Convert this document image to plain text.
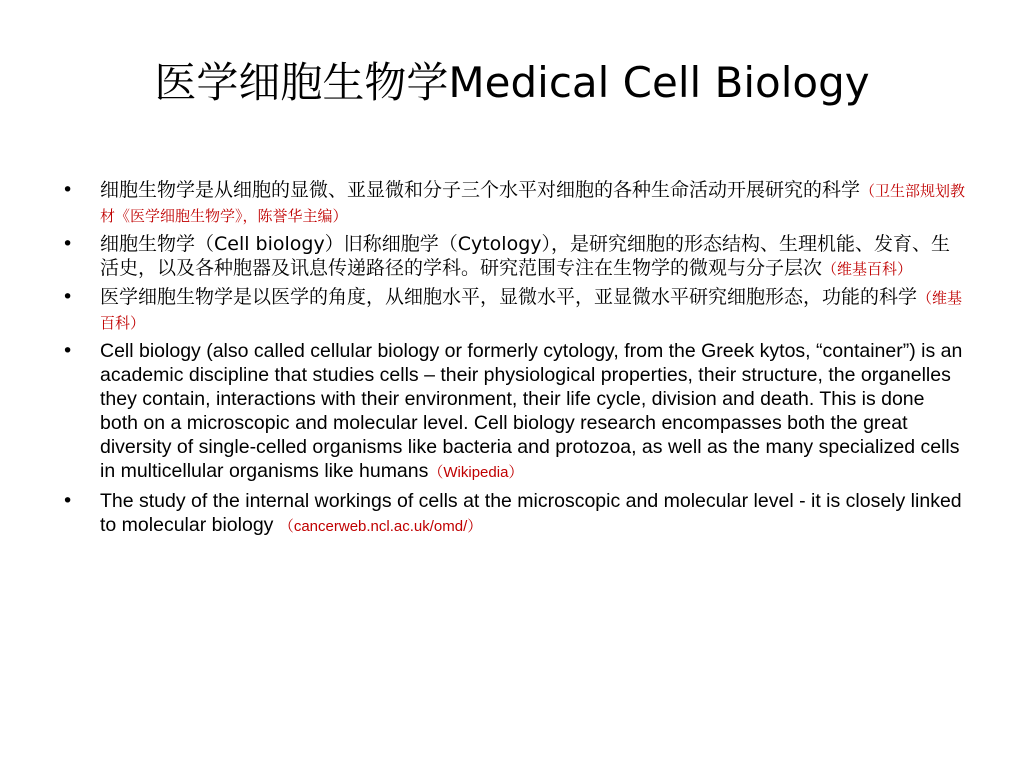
医学细胞生物学Medical Cell Biology
•	细胞生物学是从细胞的显微、亚显微和分子三个水平对细胞的各种生命活动开展研究的科学（卫生部规划教材《医学细胞生物学》，陈誉华主编）
•	细胞生物学（Cell biology）旧称细胞学（Cytology），是研究细胞的形态结构、生理机能、发育、生活史，以及各种胞器及讯息传递路径的学科。研究范围专注在生物学的微观与分子层次（维基百科）
•	医学细胞生物学是以医学的角度，从细胞水平，显微水平，亚显微水平研究细胞形态，功能的科学（维基百科）
•	Cell biology (also called cellular biology or formerly cytology, from the Greek kytos, “container”) is an academic discipline that studies cells – their physiological properties, their structure, the organelles they contain, interactions with their environment, their life cycle, division and death. This is done both on a microscopic and molecular level. Cell biology research encompasses both the great diversity of single-celled organisms like bacteria and protozoa, as well as the many specialized cells in multicellular organisms like humans（Wikipedia）
•	The study of the internal workings of cells at the microscopic and molecular level - it is closely linked to molecular biology （cancerweb.ncl.ac.uk/omd/）
